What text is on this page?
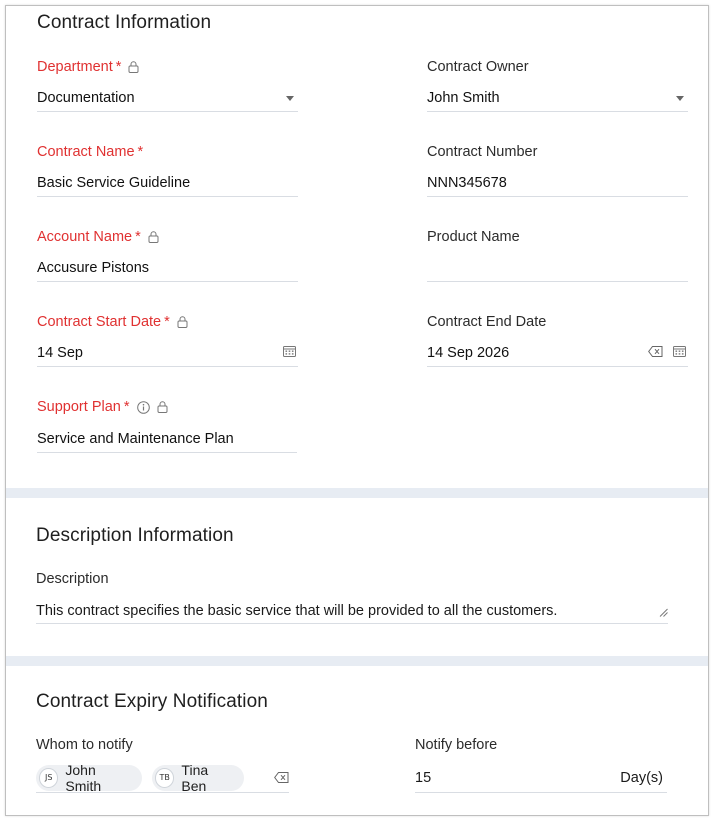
Contract Information
Department *
Documentation
Contract Owner
John Smith
Contract Name *
Basic Service Guideline
Contract Number
NNN345678
Account Name *
Accusure Pistons
Product Name
Contract Start Date *
14 Sep
Contract End Date
14 Sep 2026
Support Plan *
Service and Maintenance Plan
Description Information
Description
This contract specifies the basic service that will be provided to all the customers.
Contract Expiry Notification
Whom to notify
JS John Smith	TB Tina Ben
Notify before
15	Day(s)
